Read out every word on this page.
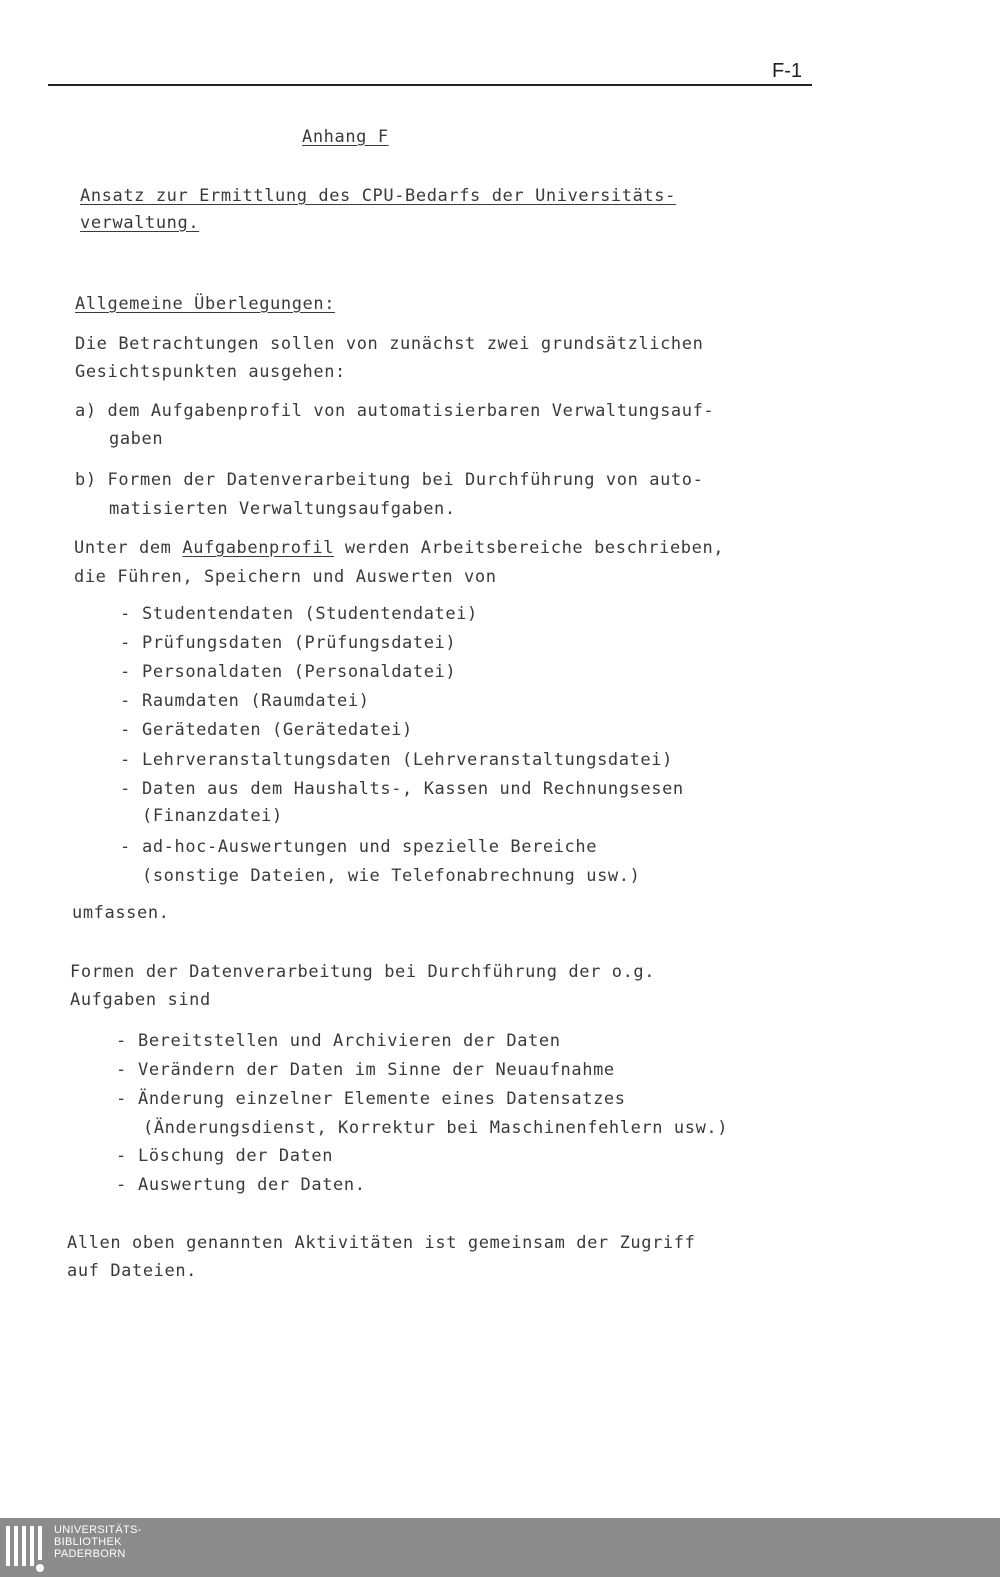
F-1
Anhang F
Ansatz zur Ermittlung des CPU-Bedarfs der Universitäts-
verwaltung.
Allgemeine Überlegungen:
Die Betrachtungen sollen von zunächst zwei grundsätzlichen
Gesichtspunkten ausgehen:
a) dem Aufgabenprofil von automatisierbaren Verwaltungsauf-
gaben
b) Formen der Datenverarbeitung bei Durchführung von auto-
matisierten Verwaltungsaufgaben.
Unter dem Aufgabenprofil werden Arbeitsbereiche beschrieben,
die Führen, Speichern und Auswerten von
- Studentendaten (Studentendatei)
- Prüfungsdaten (Prüfungsdatei)
- Personaldaten (Personaldatei)
- Raumdaten (Raumdatei)
- Gerätedaten (Gerätedatei)
- Lehrveranstaltungsdaten (Lehrveranstaltungsdatei)
- Daten aus dem Haushalts-, Kassen und Rechnungsesen
(Finanzdatei)
- ad-hoc-Auswertungen und spezielle Bereiche
(sonstige Dateien, wie Telefonabrechnung usw.)
umfassen.
Formen der Datenverarbeitung bei Durchführung der o.g.
Aufgaben sind
- Bereitstellen und Archivieren der Daten
- Verändern der Daten im Sinne der Neuaufnahme
- Änderung einzelner Elemente eines Datensatzes
(Änderungsdienst, Korrektur bei Maschinenfehlern usw.)
- Löschung der Daten
- Auswertung der Daten.
Allen oben genannten Aktivitäten ist gemeinsam der Zugriff
auf Dateien.
UNIVERSITÄTS-
BIBLIOTHEK
PADERBORN
